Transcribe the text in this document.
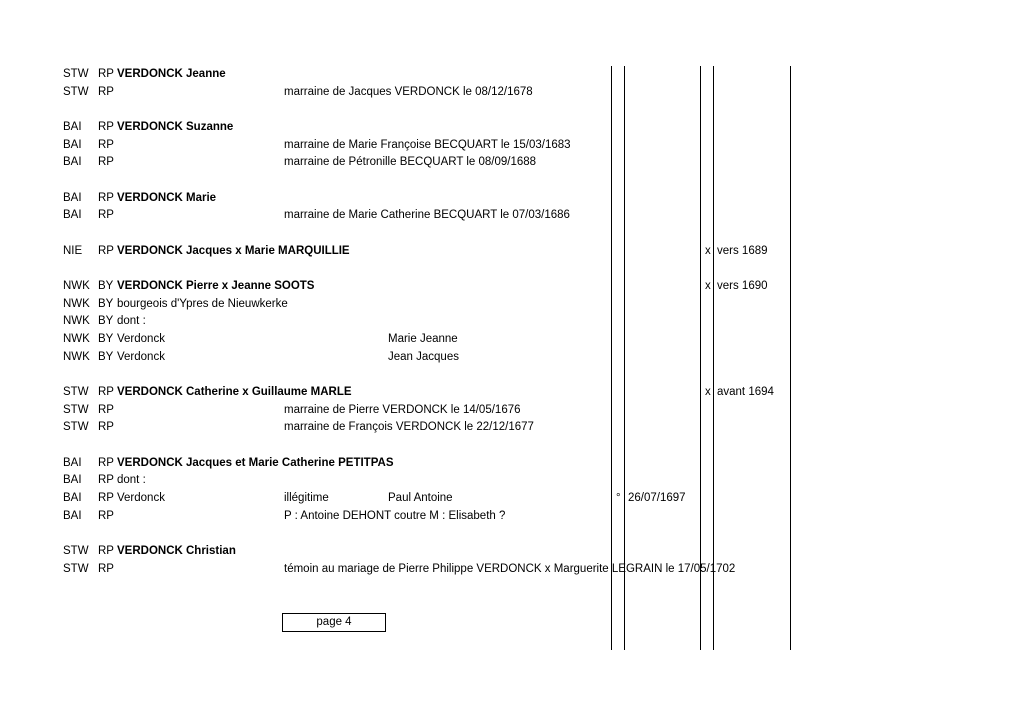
STW RP VERDONCK Jeanne
STW RP	marraine de Jacques VERDONCK le 08/12/1678
BAI RP VERDONCK Suzanne
BAI RP	marraine de Marie Françoise BECQUART le 15/03/1683
BAI RP	marraine de Pétronille BECQUART le 08/09/1688
BAI RP VERDONCK Marie
BAI RP	marraine de Marie Catherine BECQUART le 07/03/1686
NIE RP VERDONCK Jacques x Marie MARQUILLIE	x vers 1689
NWK BY VERDONCK Pierre x Jeanne SOOTS	x vers 1690
NWK BY bourgeois d'Ypres de Nieuwkerke
NWK BY dont :
NWK BY Verdonck	Marie Jeanne
NWK BY Verdonck	Jean Jacques
STW RP VERDONCK Catherine x Guillaume MARLE	x avant 1694
STW RP	marraine de Pierre VERDONCK le 14/05/1676
STW RP	marraine de François VERDONCK le 22/12/1677
BAI RP VERDONCK Jacques et Marie Catherine PETITPAS
BAI RP dont :
BAI RP Verdonck	illégitime	Paul Antoine	° 26/07/1697
BAI RP	P : Antoine DEHONT coutre M : Elisabeth ?
STW RP VERDONCK Christian
STW RP	témoin au mariage de Pierre Philippe VERDONCK x Marguerite LEGRAIN le 17/05/1702
page 4
